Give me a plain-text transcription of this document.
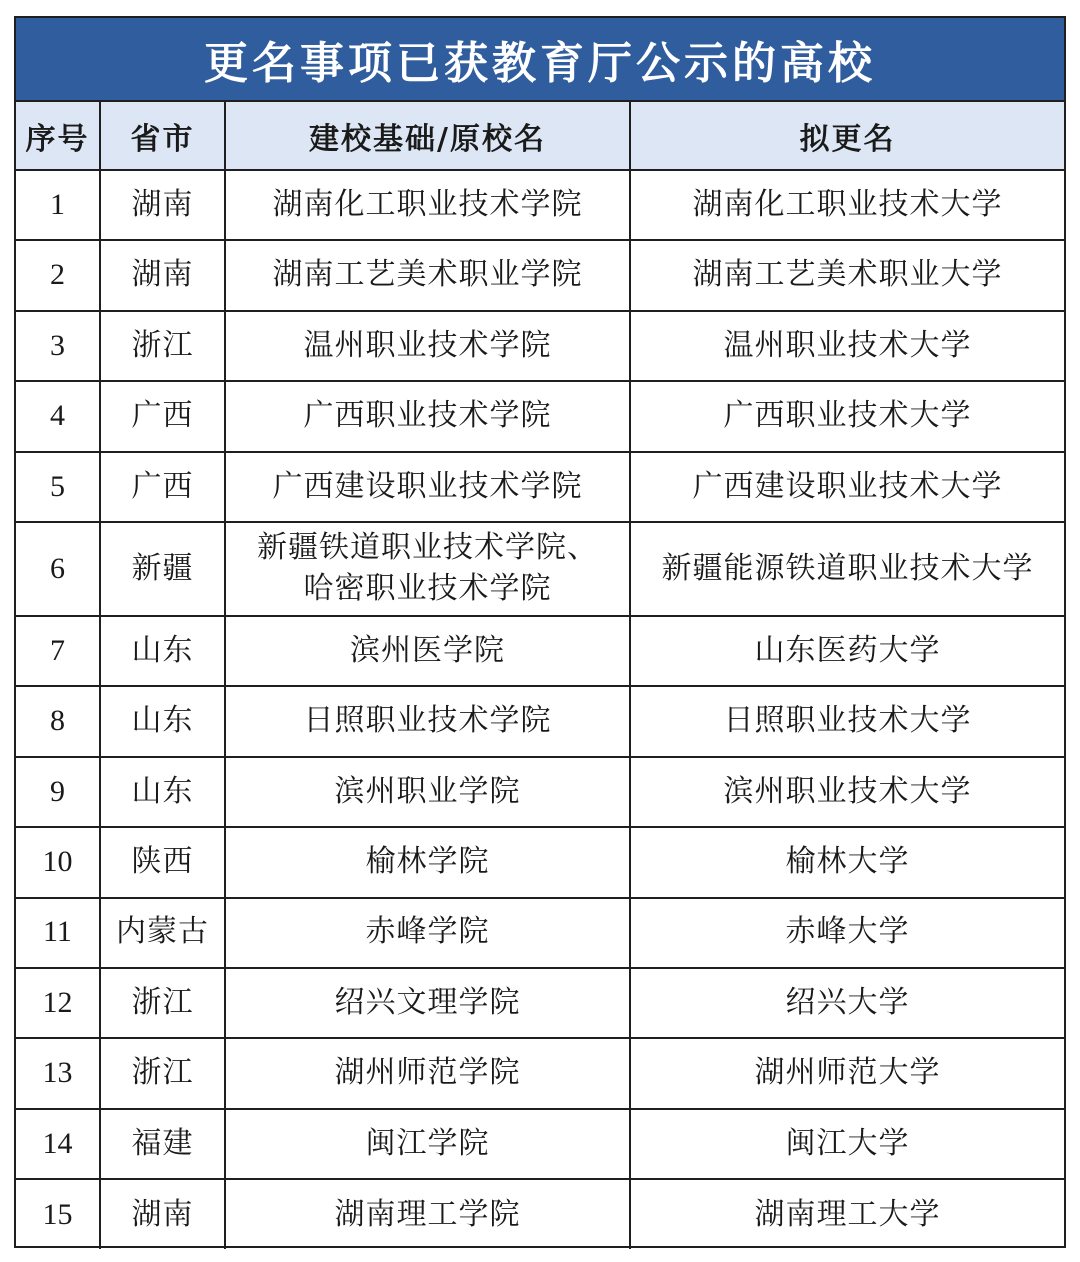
更名事项已获教育厅公示的高校
序号	省市	建校基础/原校名	拟更名
1	湖南	湖南化工职业技术学院	湖南化工职业技术大学
2	湖南	湖南工艺美术职业学院	湖南工艺美术职业大学
3	浙江	温州职业技术学院	温州职业技术大学
4	广西	广西职业技术学院	广西职业技术大学
5	广西	广西建设职业技术学院	广西建设职业技术大学
6	新疆	新疆铁道职业技术学院、
哈密职业技术学院	新疆能源铁道职业技术大学
7	山东	滨州医学院	山东医药大学
8	山东	日照职业技术学院	日照职业技术大学
9	山东	滨州职业学院	滨州职业技术大学
10	陕西	榆林学院	榆林大学
11	内蒙古	赤峰学院	赤峰大学
12	浙江	绍兴文理学院	绍兴大学
13	浙江	湖州师范学院	湖州师范大学
14	福建	闽江学院	闽江大学
15	湖南	湖南理工学院	湖南理工大学
